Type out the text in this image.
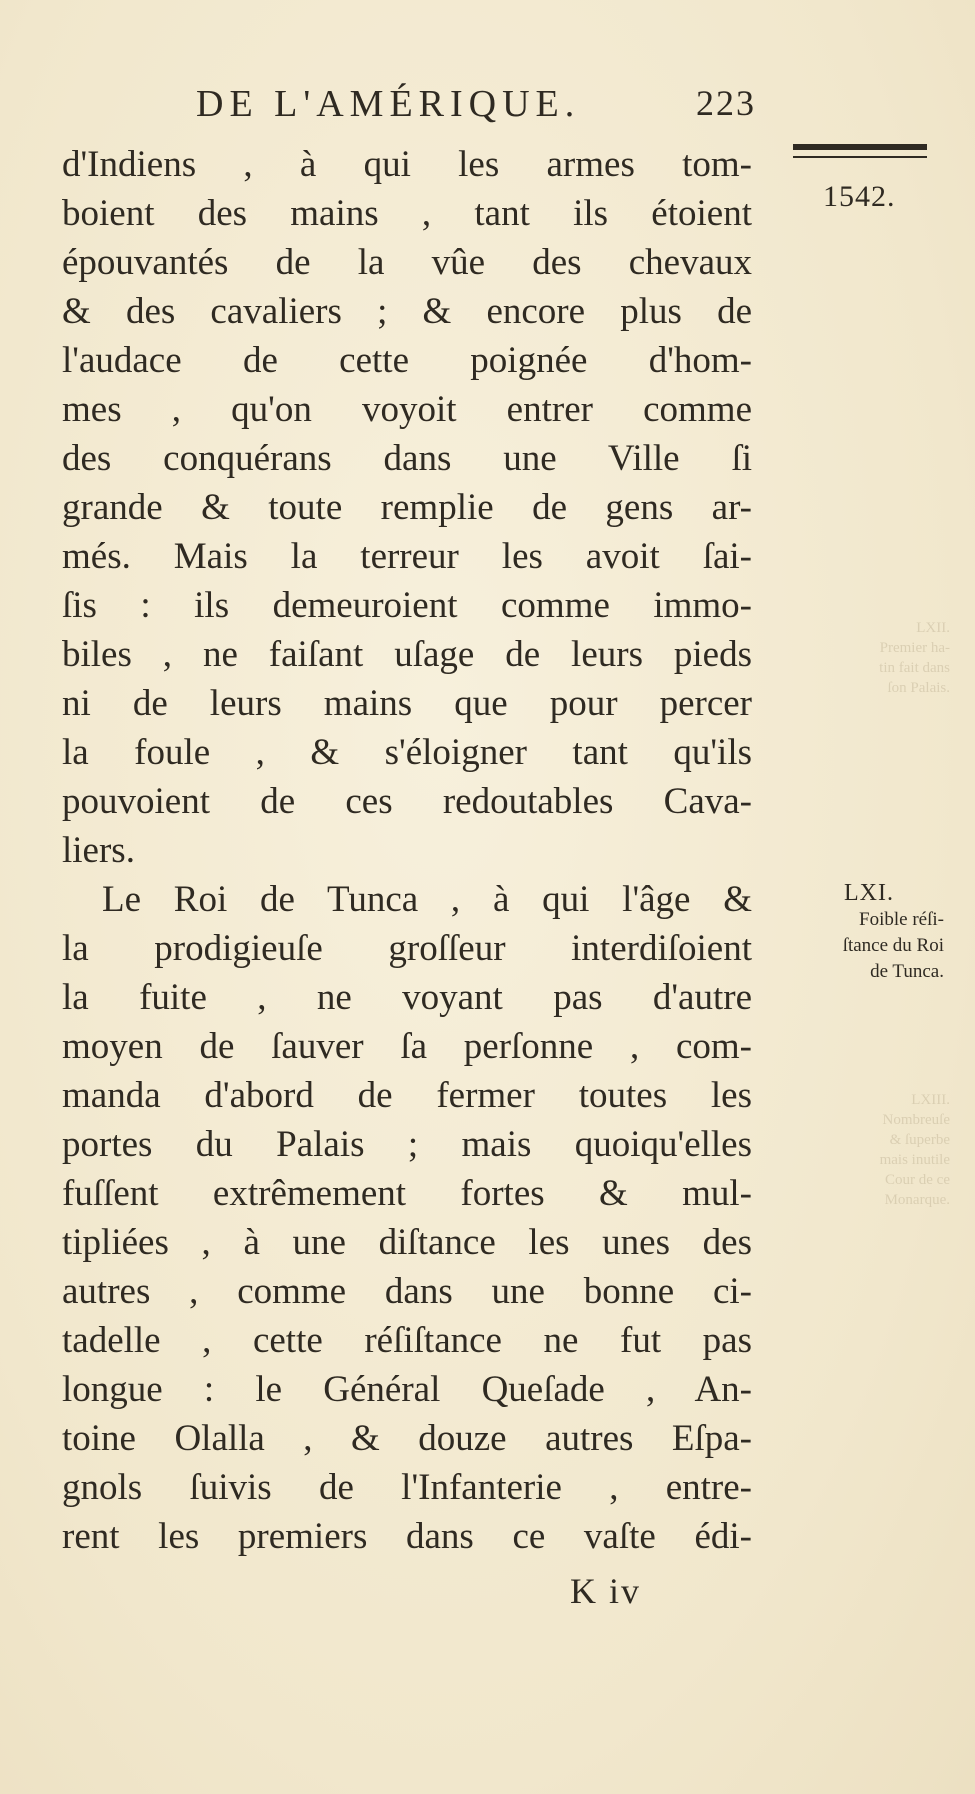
DE L'AMÉRIQUE.	223
1542.
LXII.
Premier ha-
tin fait dans
ſon Palais.
LXIII.
Nombreuſe
& ſuperbe
mais inutile
Cour de ce
Monarque.
d'Indiens , à qui les armes tom-
boient des mains , tant ils étoient
épouvantés de la vûe des chevaux
& des cavaliers ; & encore plus de
l'audace de cette poignée d'hom-
mes , qu'on voyoit entrer comme
des conquérans dans une Ville ſi
grande & toute remplie de gens ar-
més. Mais la terreur les avoit ſai-
ſis : ils demeuroient comme immo-
biles , ne faiſant uſage de leurs pieds
ni de leurs mains que pour percer
la foule , & s'éloigner tant qu'ils
pouvoient de ces redoutables Cava-
liers.
Le Roi de Tunca , à qui l'âge &
la prodigieuſe groſſeur interdiſoient
la fuite , ne voyant pas d'autre
moyen de ſauver ſa perſonne , com-
manda d'abord de fermer toutes les
portes du Palais ; mais quoiqu'elles
fuſſent extrêmement fortes & mul-
tipliées , à une diſtance les unes des
autres , comme dans une bonne ci-
tadelle , cette réſiſtance ne fut pas
longue : le Général Queſade , An-
toine Olalla , & douze autres Eſpa-
gnols ſuivis de l'Infanterie , entre-
rent les premiers dans ce vaſte édi-
LXI.
Foible réſi-
ſtance du Roi
de Tunca.
K iv
